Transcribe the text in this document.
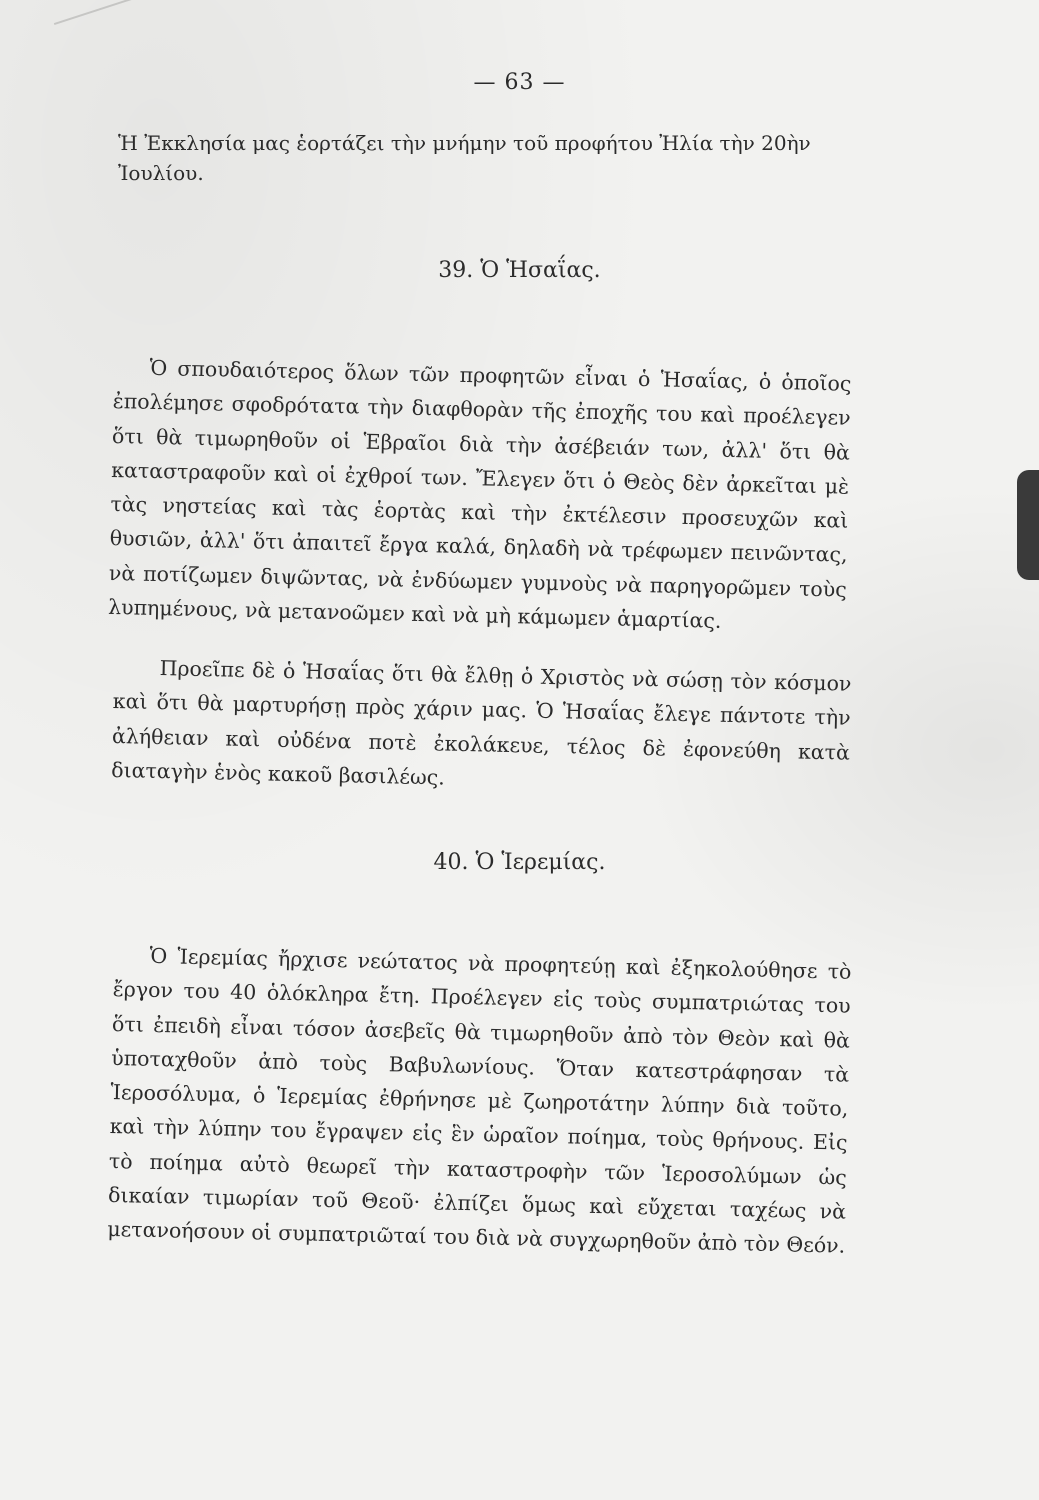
— 63 —
Ἡ Ἐκκλησία μας ἑορτάζει τὴν μνήμην τοῦ προφήτου Ἠλία τὴν 20ὴν Ἰουλίου.
39. Ὁ Ἡσαΐας.
Ὁ σπουδαιότερος ὅλων τῶν προφητῶν εἶναι ὁ Ἡσαΐας, ὁ ὁποῖος ἐπολέμησε σφοδρότατα τὴν διαφθορὰν τῆς ἐποχῆς του καὶ προέλεγεν ὅτι θὰ τιμωρηθοῦν οἱ Ἑβραῖοι διὰ τὴν ἀσέβειάν των, ἀλλ' ὅτι θὰ καταστραφοῦν καὶ οἱ ἐχθροί των. Ἔλεγεν ὅτι ὁ Θεὸς δὲν ἀρκεῖται μὲ τὰς νηστείας καὶ τὰς ἑορτὰς καὶ τὴν ἐκτέλεσιν προσευχῶν καὶ θυσιῶν, ἀλλ' ὅτι ἀπαιτεῖ ἔργα καλά, δηλαδὴ νὰ τρέφωμεν πεινῶντας, νὰ ποτίζωμεν διψῶντας, νὰ ἐνδύωμεν γυμνοὺς νὰ παρηγορῶμεν τοὺς λυπημένους, νὰ μετανοῶμεν καὶ νὰ μὴ κάμωμεν ἁμαρτίας.
Προεῖπε δὲ ὁ Ἡσαΐας ὅτι θὰ ἔλθῃ ὁ Χριστὸς νὰ σώσῃ τὸν κόσμον καὶ ὅτι θὰ μαρτυρήσῃ πρὸς χάριν μας. Ὁ Ἡσαΐας ἔλεγε πάντοτε τὴν ἀλήθειαν καὶ οὐδένα ποτὲ ἐκολάκευε, τέλος δὲ ἐφονεύθη κατὰ διαταγὴν ἑνὸς κακοῦ βασιλέως.
40. Ὁ Ἱερεμίας.
Ὁ Ἱερεμίας ἤρχισε νεώτατος νὰ προφητεύῃ καὶ ἐξηκολούθησε τὸ ἔργον του 40 ὁλόκληρα ἔτη. Προέλεγεν εἰς τοὺς συμπατριώτας του ὅτι ἐπειδὴ εἶναι τόσον ἀσεβεῖς θὰ τιμωρηθοῦν ἀπὸ τὸν Θεὸν καὶ θὰ ὑποταχθοῦν ἀπὸ τοὺς Βαβυλωνίους. Ὅταν κατεστράφησαν τὰ Ἱεροσόλυμα, ὁ Ἱερεμίας ἐθρήνησε μὲ ζωηροτάτην λύπην διὰ τοῦτο, καὶ τὴν λύπην του ἔγραψεν εἰς ἓν ὡραῖον ποίημα, τοὺς θρήνους. Εἰς τὸ ποίημα αὐτὸ θεωρεῖ τὴν καταστροφὴν τῶν Ἱεροσολύμων ὡς δικαίαν τιμωρίαν τοῦ Θεοῦ· ἐλπίζει ὅμως καὶ εὔχεται ταχέως νὰ μετανοήσουν οἱ συμπατριῶταί του διὰ νὰ συγχωρηθοῦν ἀπὸ τὸν Θεόν.
